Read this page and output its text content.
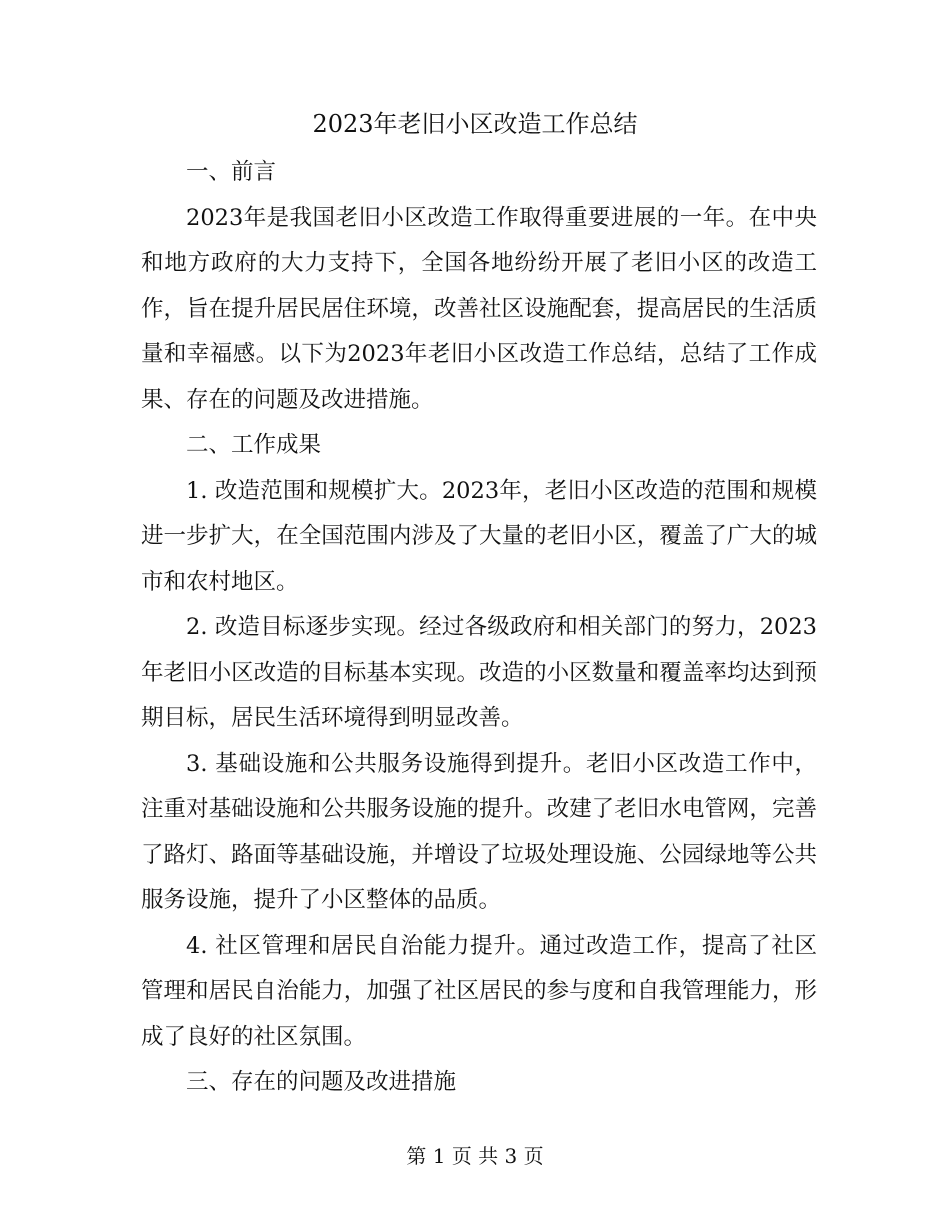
2023年老旧小区改造工作总结

一、前言

2023年是我国老旧小区改造工作取得重要进展的一年。在中央和地方政府的大力支持下，全国各地纷纷开展了老旧小区的改造工作，旨在提升居民居住环境，改善社区设施配套，提高居民的生活质量和幸福感。以下为2023年老旧小区改造工作总结，总结了工作成果、存在的问题及改进措施。

二、工作成果

1. 改造范围和规模扩大。2023年，老旧小区改造的范围和规模进一步扩大，在全国范围内涉及了大量的老旧小区，覆盖了广大的城市和农村地区。

2. 改造目标逐步实现。经过各级政府和相关部门的努力，2023年老旧小区改造的目标基本实现。改造的小区数量和覆盖率均达到预期目标，居民生活环境得到明显改善。

3. 基础设施和公共服务设施得到提升。老旧小区改造工作中，注重对基础设施和公共服务设施的提升。改建了老旧水电管网，完善了路灯、路面等基础设施，并增设了垃圾处理设施、公园绿地等公共服务设施，提升了小区整体的品质。

4. 社区管理和居民自治能力提升。通过改造工作，提高了社区管理和居民自治能力，加强了社区居民的参与度和自我管理能力，形成了良好的社区氛围。

三、存在的问题及改进措施

第 1 页 共 3 页
